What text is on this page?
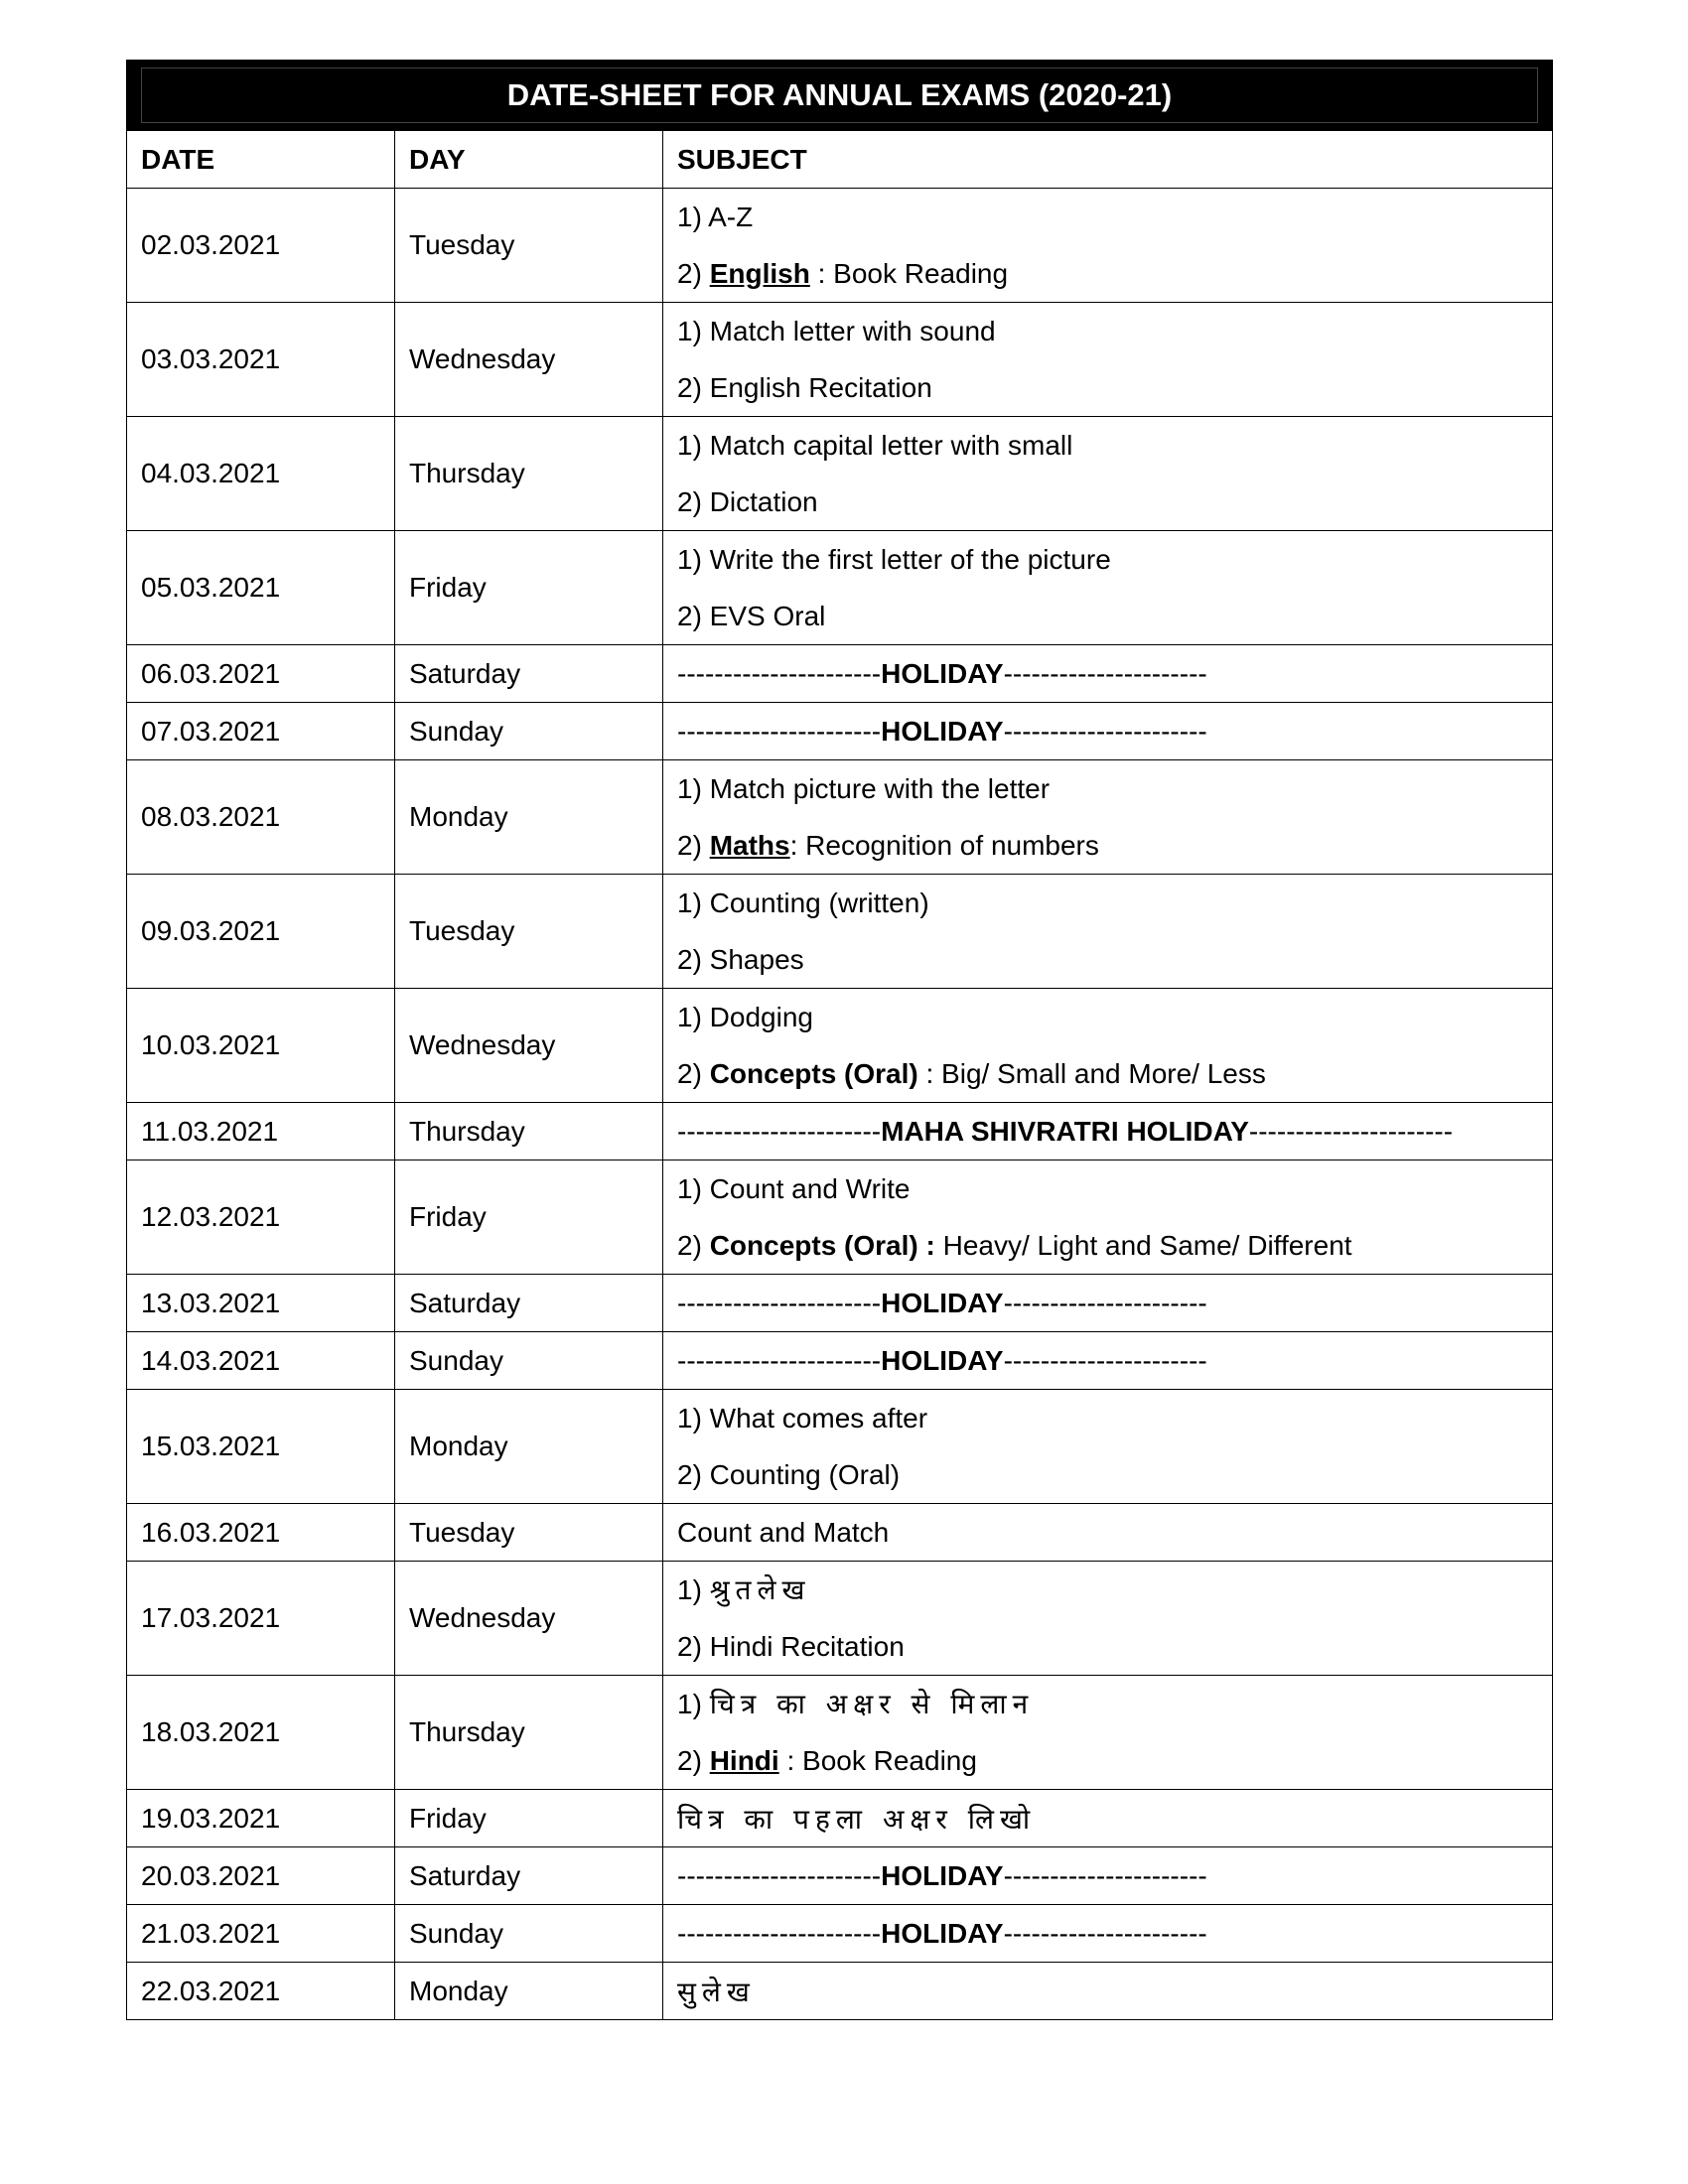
DATE-SHEET FOR ANNUAL EXAMS (2020-21)		

DATE	DAY	SUBJECT
02.03.2021	Tuesday	1) A-Z
2) English : Book Reading

03.03.2021	Wednesday	1) Match letter with sound
2) English Recitation

04.03.2021	Thursday	1) Match capital letter with small
2) Dictation

05.03.2021	Friday	1) Write the first letter of the picture
2) EVS Oral

06.03.2021	Saturday	----------------------HOLIDAY----------------------
07.03.2021	Sunday	----------------------HOLIDAY----------------------
08.03.2021	Monday	1) Match picture with the letter
2) Maths: Recognition of numbers

09.03.2021	Tuesday	1) Counting (written)
2) Shapes

10.03.2021	Wednesday	1) Dodging
2) Concepts (Oral) : Big/ Small and More/ Less

11.03.2021	Thursday	----------------------MAHA SHIVRATRI HOLIDAY----------------------
12.03.2021	Friday	1) Count and Write
2) Concepts (Oral) : Heavy/ Light and Same/ Different

13.03.2021	Saturday	----------------------HOLIDAY----------------------
14.03.2021	Sunday	----------------------HOLIDAY----------------------
15.03.2021	Monday	1) What comes after
2) Counting (Oral)

16.03.2021	Tuesday	Count and Match
17.03.2021	Wednesday	1) श्रुतलेख
2) Hindi Recitation

18.03.2021	Thursday	1) चित्र का अक्षर से मिलान
2) Hindi : Book Reading

19.03.2021	Friday	चित्र का पहला अक्षर लिखो
20.03.2021	Saturday	----------------------HOLIDAY----------------------
21.03.2021	Sunday	----------------------HOLIDAY----------------------
22.03.2021	Monday	सुलेख
